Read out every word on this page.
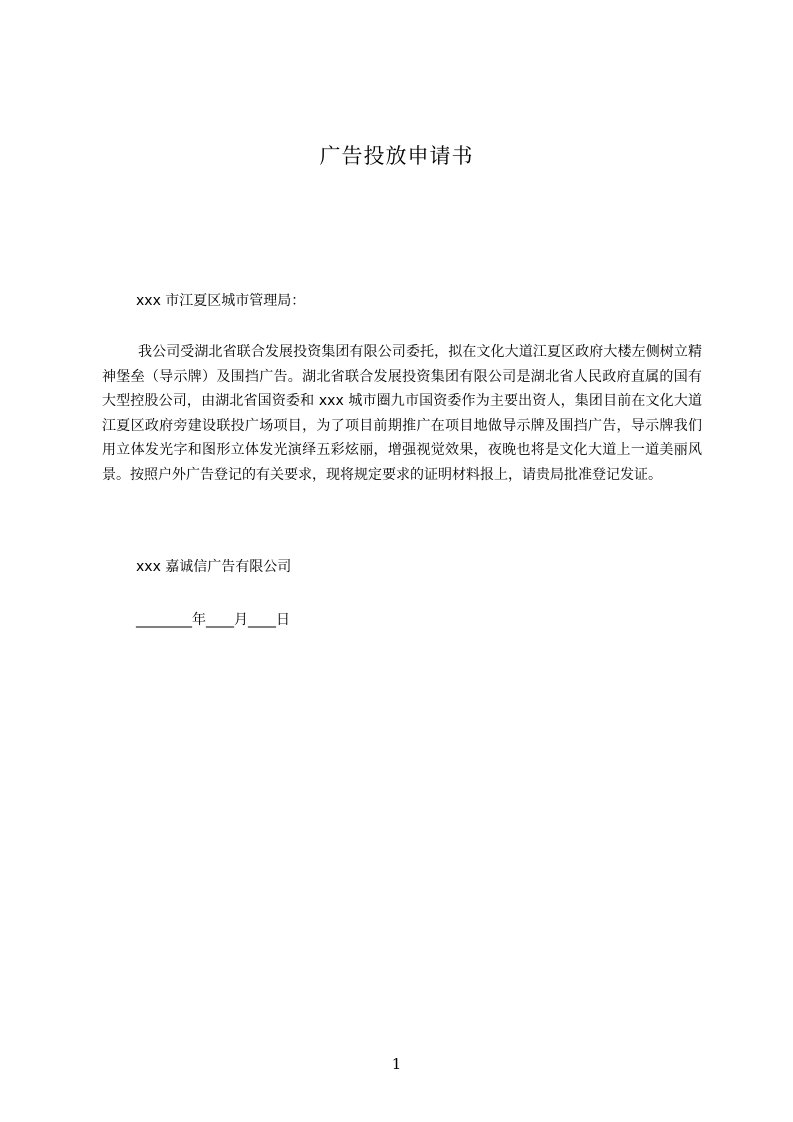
广告投放申请书
xxx 市江夏区城市管理局：
我公司受湖北省联合发展投资集团有限公司委托，拟在文化大道江夏区政府大楼左侧树立精神堡垒（导示牌）及围挡广告。湖北省联合发展投资集团有限公司是湖北省人民政府直属的国有大型控股公司，由湖北省国资委和 xxx 城市圈九市国资委作为主要出资人，集团目前在文化大道江夏区政府旁建设联投广场项目，为了项目前期推广在项目地做导示牌及围挡广告，导示牌我们用立体发光字和图形立体发光演绎五彩炫丽，增强视觉效果，夜晚也将是文化大道上一道美丽风景。按照户外广告登记的有关要求，现将规定要求的证明材料报上，请贵局批准登记发证。
xxx 嘉诚信广告有限公司
________年____月____日
1
